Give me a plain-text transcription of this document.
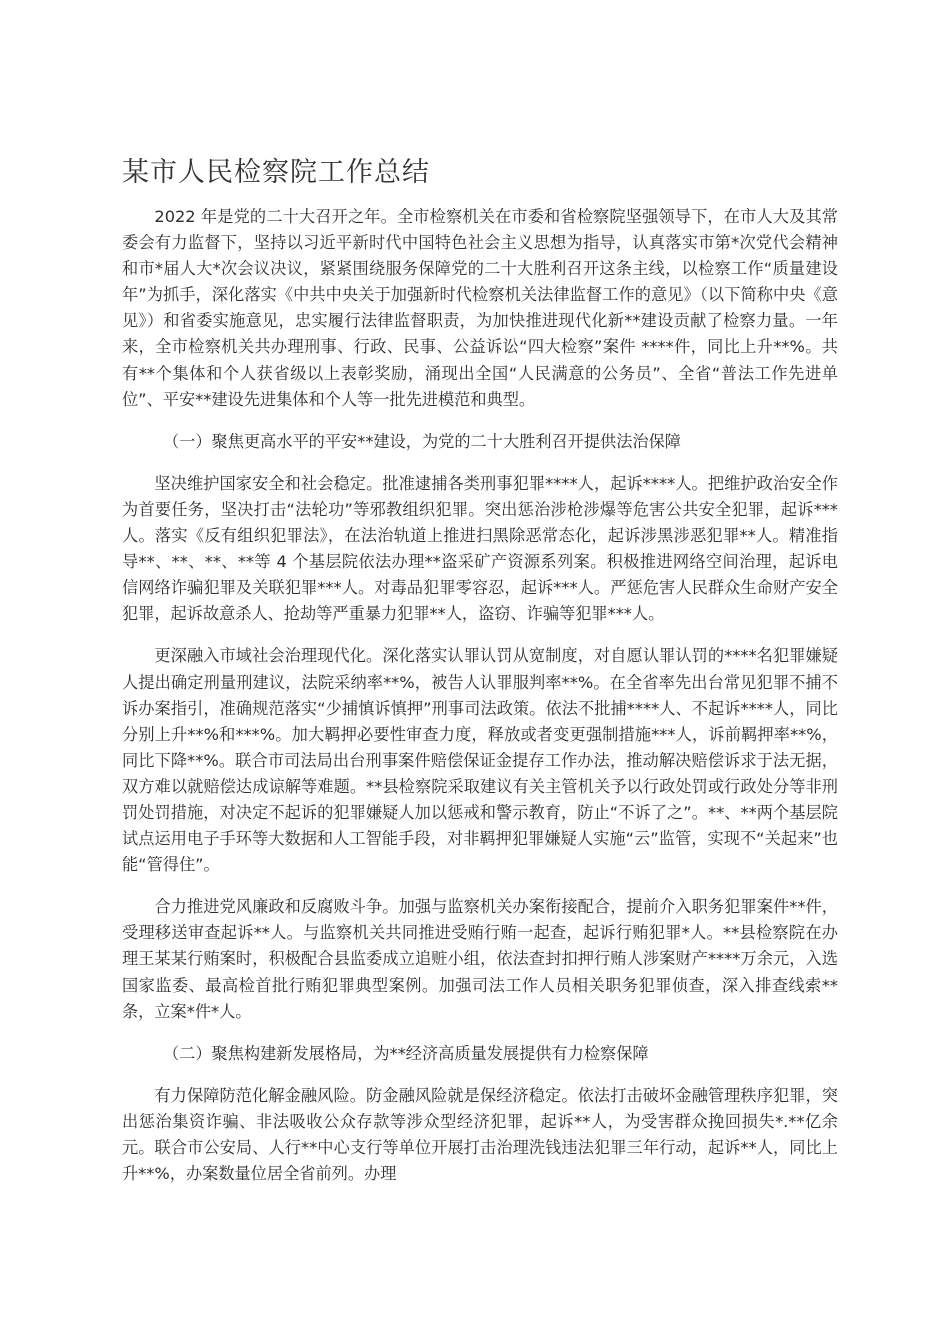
某市人民检察院工作总结

2022 年是党的二十大召开之年。全市检察机关在市委和省检察院坚强领导下，在市人大及其常委会有力监督下，坚持以习近平新时代中国特色社会主义思想为指导，认真落实市第*次党代会精神和市*届人大*次会议决议，紧紧围绕服务保障党的二十大胜利召开这条主线，以检察工作“质量建设年”为抓手，深化落实《中共中央关于加强新时代检察机关法律监督工作的意见》（以下简称中央《意见》）和省委实施意见，忠实履行法律监督职责，为加快推进现代化新**建设贡献了检察力量。一年来，全市检察机关共办理刑事、行政、民事、公益诉讼“四大检察”案件 ****件，同比上升**%。共有**个集体和个人获省级以上表彰奖励，涌现出全国“人民满意的公务员”、全省“普法工作先进单位”、平安**建设先进集体和个人等一批先进模范和典型。

（一）聚焦更高水平的平安**建设，为党的二十大胜利召开提供法治保障

坚决维护国家安全和社会稳定。批准逮捕各类刑事犯罪****人，起诉****人。把维护政治安全作为首要任务，坚决打击“法轮功”等邪教组织犯罪。突出惩治涉枪涉爆等危害公共安全犯罪，起诉***人。落实《反有组织犯罪法》，在法治轨道上推进扫黑除恶常态化，起诉涉黑涉恶犯罪**人。精准指导**、**、**、**等 4 个基层院依法办理**盗采矿产资源系列案。积极推进网络空间治理，起诉电信网络诈骗犯罪及关联犯罪***人。对毒品犯罪零容忍，起诉***人。严惩危害人民群众生命财产安全犯罪，起诉故意杀人、抢劫等严重暴力犯罪**人，盗窃、诈骗等犯罪***人。

更深融入市域社会治理现代化。深化落实认罪认罚从宽制度，对自愿认罪认罚的****名犯罪嫌疑人提出确定刑量刑建议，法院采纳率**%，被告人认罪服判率**%。在全省率先出台常见犯罪不捕不诉办案指引，准确规范落实“少捕慎诉慎押”刑事司法政策。依法不批捕****人、不起诉****人，同比分别上升**%和***%。加大羁押必要性审查力度，释放或者变更强制措施***人，诉前羁押率**%，同比下降**%。联合市司法局出台刑事案件赔偿保证金提存工作办法，推动解决赔偿诉求于法无据，双方难以就赔偿达成谅解等难题。**县检察院采取建议有关主管机关予以行政处罚或行政处分等非刑罚处罚措施，对决定不起诉的犯罪嫌疑人加以惩戒和警示教育，防止“不诉了之”。**、**两个基层院试点运用电子手环等大数据和人工智能手段，对非羁押犯罪嫌疑人实施“云”监管，实现不“关起来”也能“管得住”。

合力推进党风廉政和反腐败斗争。加强与监察机关办案衔接配合，提前介入职务犯罪案件**件，受理移送审查起诉**人。与监察机关共同推进受贿行贿一起查，起诉行贿犯罪*人。**县检察院在办理王某某行贿案时，积极配合县监委成立追赃小组，依法查封扣押行贿人涉案财产****万余元，入选国家监委、最高检首批行贿犯罪典型案例。加强司法工作人员相关职务犯罪侦查，深入排查线索**条，立案*件*人。

（二）聚焦构建新发展格局，为**经济高质量发展提供有力检察保障

有力保障防范化解金融风险。防金融风险就是保经济稳定。依法打击破坏金融管理秩序犯罪，突出惩治集资诈骗、非法吸收公众存款等涉众型经济犯罪，起诉**人，为受害群众挽回损失*.**亿余元。联合市公安局、人行**中心支行等单位开展打击治理洗钱违法犯罪三年行动，起诉**人，同比上升**%，办案数量位居全省前列。办理
